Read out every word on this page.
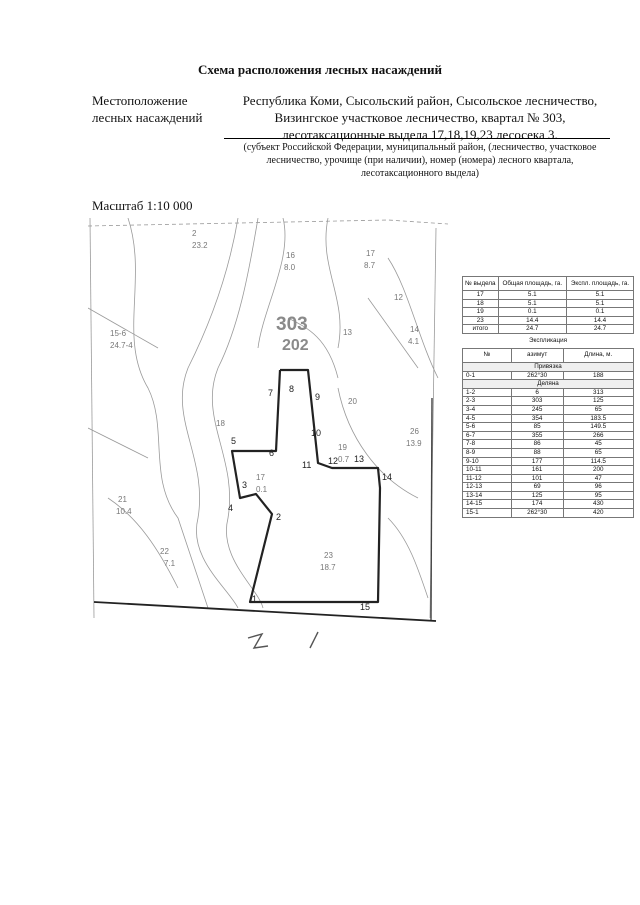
Схема расположения лесных насаждений
Местоположение
лесных насаждений
Республика Коми, Сысольский район, Сысольское лесничество,
Визингское участковое лесничество, квартал № 303,
лесотаксационные выдела 17,18,19,23 лесосека 3.
(субъект Российской Федерации, муниципальный район, (лесничество, участковое
лесничество, урочище (при наличии), номер (номера) лесного квартала,
лесотаксационного выдела)
Масштаб 1:10 000
15-6
24.7-4
21
10.4
22
7.1
23
18.7
17
0.1
18
19
0.7
20
26
13.9
13	14
4.1
12
16
8.0
17
8.7
2
23.2
303
202
1
2
3
4
5
6
7 8
9
10
11 12 13
14
15
№ выдела	Общая площадь, га.	Экспл. площадь, га.
17	5.1	5.1
18	5.1	5.1
19	0.1	0.1
23	14.4	14.4
итого	24.7	24.7
Экспликация
№	азимут	Длина, м.
Привязка		
0-1	262°30	188
Деляна		
1-2	6	313
2-3	303	125
3-4	245	65
4-5	354	183.5
5-6	85	149.5
6-7	355	266
7-8	86	45
8-9	88	65
9-10	177	114.5
10-11	161	200
11-12	101	47
12-13	69	96
13-14	125	95
14-15	174	430
15-1	262°30	420
